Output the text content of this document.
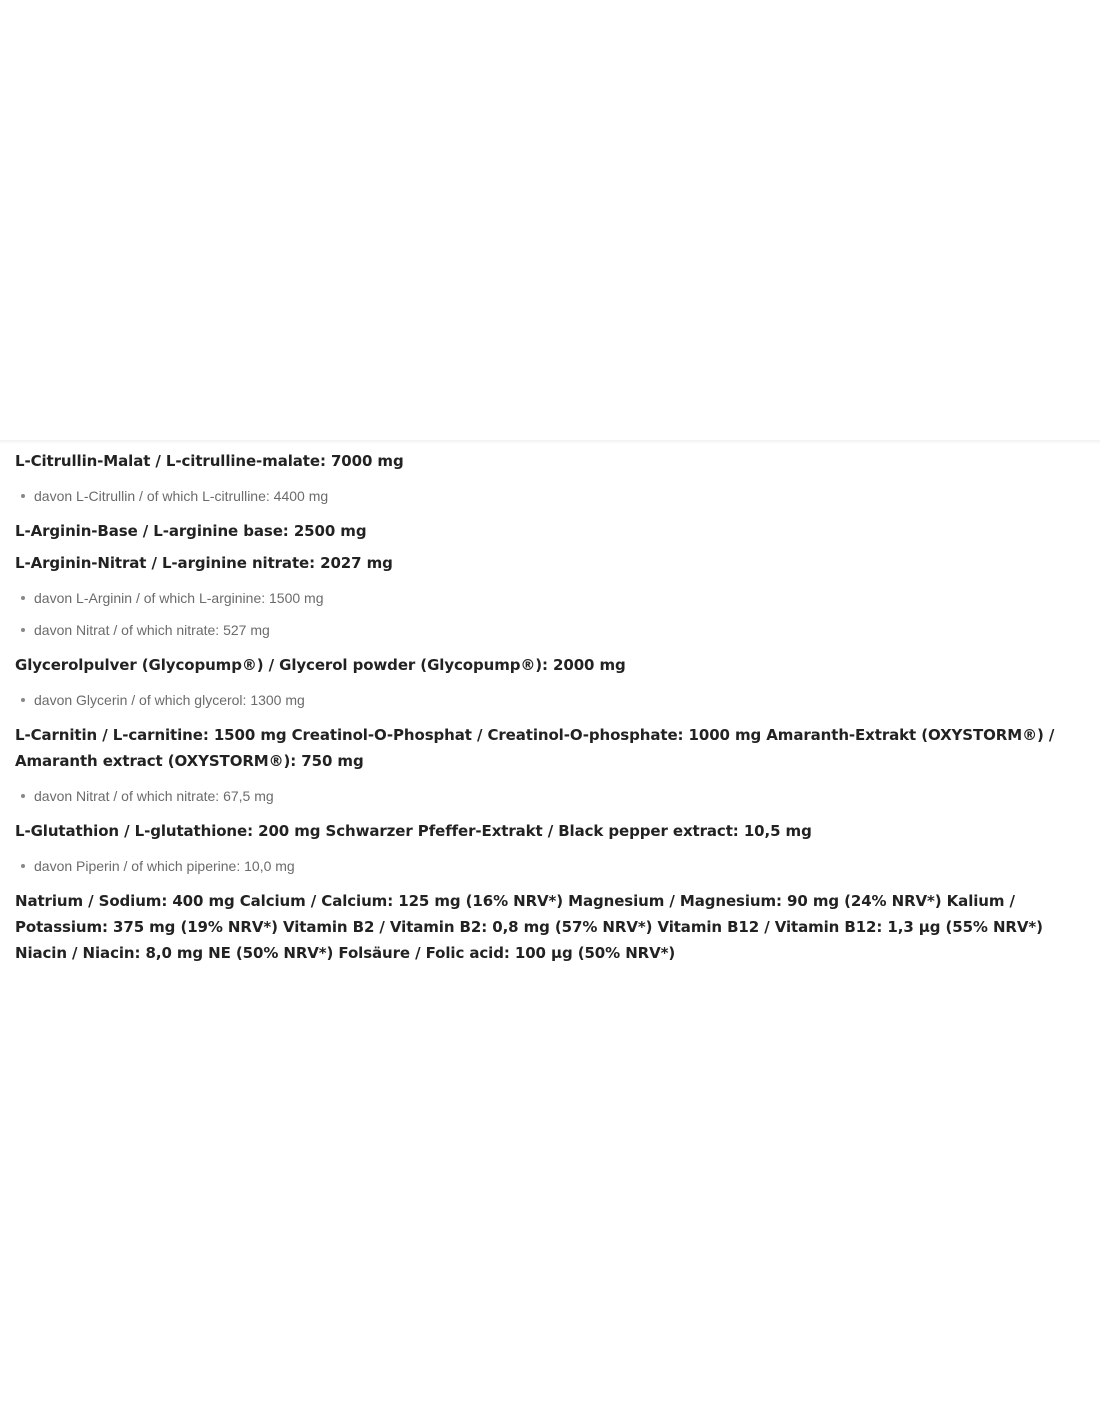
L-Citrullin-Malat / L-citrulline-malate: 7000 mg

davon L-Citrullin / of which L-citrulline: 4400 mg

L-Arginin-Base / L-arginine base: 2500 mg

L-Arginin-Nitrat / L-arginine nitrate: 2027 mg

davon L-Arginin / of which L-arginine: 1500 mg
davon Nitrat / of which nitrate: 527 mg

Glycerolpulver (Glycopump®) / Glycerol powder (Glycopump®): 2000 mg

davon Glycerin / of which glycerol: 1300 mg

L-Carnitin / L-carnitine: 1500 mg Creatinol-O-Phosphat / Creatinol-O-phosphate: 1000 mg Amaranth-Extrakt (OXYSTORM®) / Amaranth extract (OXYSTORM®): 750 mg

davon Nitrat / of which nitrate: 67,5 mg

L-Glutathion / L-glutathione: 200 mg Schwarzer Pfeffer-Extrakt / Black pepper extract: 10,5 mg

davon Piperin / of which piperine: 10,0 mg

Natrium / Sodium: 400 mg Calcium / Calcium: 125 mg (16% NRV*) Magnesium / Magnesium: 90 mg (24% NRV*) Kalium / Potassium: 375 mg (19% NRV*) Vitamin B2 / Vitamin B2: 0,8 mg (57% NRV*) Vitamin B12 / Vitamin B12: 1,3 µg (55% NRV*) Niacin / Niacin: 8,0 mg NE (50% NRV*) Folsäure / Folic acid: 100 µg (50% NRV*)
